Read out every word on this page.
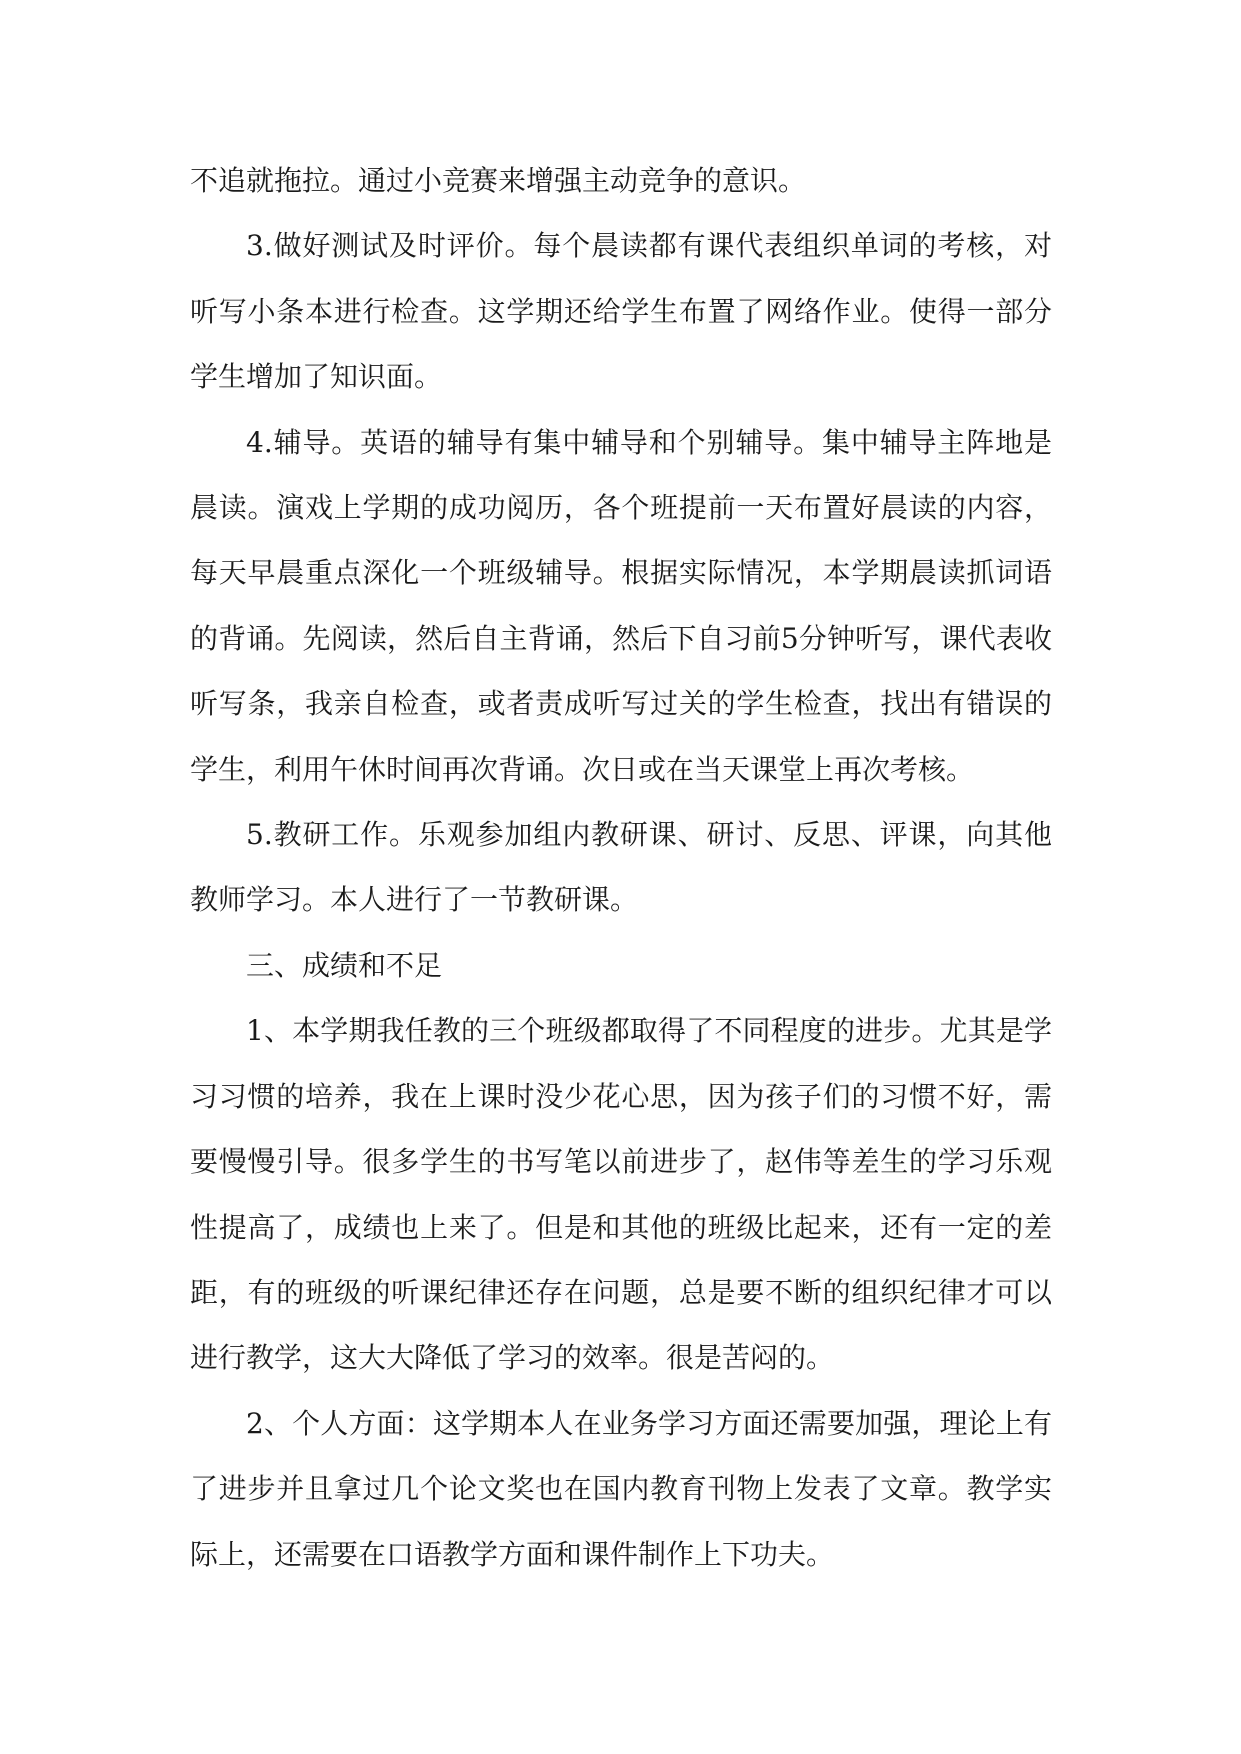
不追就拖拉。通过小竞赛来增强主动竞争的意识。

3.做好测试及时评价。每个晨读都有课代表组织单词的考核，对听写小条本进行检查。这学期还给学生布置了网络作业。使得一部分学生增加了知识面。

4.辅导。英语的辅导有集中辅导和个别辅导。集中辅导主阵地是晨读。演戏上学期的成功阅历，各个班提前一天布置好晨读的内容，每天早晨重点深化一个班级辅导。根据实际情况，本学期晨读抓词语的背诵。先阅读，然后自主背诵，然后下自习前5分钟听写，课代表收听写条，我亲自检查，或者责成听写过关的学生检查，找出有错误的学生，利用午休时间再次背诵。次日或在当天课堂上再次考核。

5.教研工作。乐观参加组内教研课、研讨、反思、评课，向其他教师学习。本人进行了一节教研课。

三、成绩和不足

1、本学期我任教的三个班级都取得了不同程度的进步。尤其是学习习惯的培养，我在上课时没少花心思，因为孩子们的习惯不好，需要慢慢引导。很多学生的书写笔以前进步了，赵伟等差生的学习乐观性提高了，成绩也上来了。但是和其他的班级比起来，还有一定的差距，有的班级的听课纪律还存在问题，总是要不断的组织纪律才可以进行教学，这大大降低了学习的效率。很是苦闷的。

2、个人方面：这学期本人在业务学习方面还需要加强，理论上有了进步并且拿过几个论文奖也在国内教育刊物上发表了文章。教学实际上，还需要在口语教学方面和课件制作上下功夫。
